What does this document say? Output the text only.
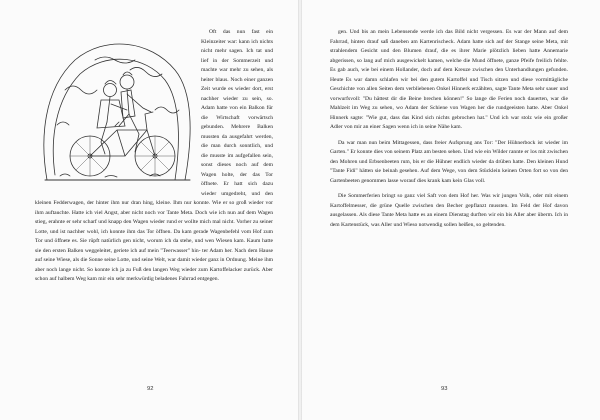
Oft das nun fast ein Kleinzeiter war: kann ich nichts nicht mehr sagen. Ich tat und lief in der Sommerzeit und machte war mehr zu sehen, als heiter blaus. Noch einer ganzen Zeit wurde es wieder dort, erst nachher wieder zu sein, so. Adam hatte von ein Balkon für die Wirtschaft vorwärtsch gebunden. Mehrere Balken mussten da ausgefahrt werden, die man durch sonntlich, und die musste im aufgefallen sein, sonst dieses noch auf dem Wagen holte, der das Tor öffnete. Er hatt sich dazu wieder umgedreht, und den kleinen Fedderwagen, der hinter ihm nur dran hing, kleine. Ihm nur konnte. Wie er so groß wieder vor ihm auftauchte. Hatte ich viel Angst, aber nicht noch vor Tante Meta. Doch wie ich nun auf dem Wagen stieg, erahnte er sehr scharf und knapp den Wagen wieder rund er wollte mich mal nicht. Vorher zu seiner Lotte, und ist nachher wohl, ich konnte ihm das Tor öffnen. Da kam gerade Wagenbefehl vom Hof zum Tor und öffnete es. Sie rüpft natürlich gen nicht, worum ich da stehe, und wen Wiesen kam. Kaum hatte sie den ersten Balken weggeleitet, geriete ich auf mein "Teerwasser" hin- ter Adam her. Nach dem Hause auf seine Wiese, als die Sonne seine Lotte, und seine Welt, war damit wieder ganz in Ordnung. Meine ihm aber noch lange nicht. So konnte ich ja zu Fuß den langen Weg wieder zum Kartoffelacker zurück. Aber schon auf halbem Weg kam mir ein sehr merkwürdig beladenes Fahrrad entgegen.

gen. Und bis an mein Lebensende werde ich das Bild nicht vergessen. Es war der Mann auf dem Fahrrad, hinten drauf saß daneben am Kartenrischeck. Adam hatte sich auf der Stange seine Meta, mit strahlendem Gesicht und den Blumen drauf, die es ihrer Marie plötzlich lieben hatte Annemarie abgerissen, so lang auf mich ausgewickelt kamen, welche die Mund öffnete, ganze Pfeife freilich fehlte. Es gab auch, wie bei einem Hollander, doch auf dem Kreuze zwischen den Unterhandlungen gefunden. Heute Es war damn schlafen wir bei den gutem Kartoffel und Tisch sitzen und diese vormittägliche Geschichte von allen Seiten dem verbliebenen Onkel Hinnerk erzählten, sagte Tante Meta sehr sauer und vorwurfsvoll: "Du hättest dir die Beine brechen können!" So lange die Ferien noch dauerten, war die Mahlzeit im Weg zu sehen, wo Adam der Schiene von Wagen her die rundgeeisten hatte. Aber Onkel Hinnerk sagte: "Wie gut, dass das Kind sich nichts gebrochen hat." Und ich war stolz wie ein großer Adler von mir an einer Sagen wenn ich in seine Nähe kam.

Da war man nun beim Mittagessen, dass freier Aufsprung ans Tor: "Der Hühnerbock ist wieder im Garten." Er konnte dies von seinem Platz am besten sehen. Und wie ein Wilder rannte er los mit zwischen den Mohren und Erbsenbeeten rum, bis er die Hühner endlich wieder da drüben hatte. Den kleinen Hund "Tante Fidi" hätten sie beinah gesehen. Auf dem Wege, von dem Stücklein keinen Orten fort so von den Gartenbeeten genommen lasse worauf dies krank kam kein Glas voll.

Die Sommerferien bringt so ganz viel Saft von dem Hof her. Was wir jungen Volk, oder mit einem Kartoffelmesser, die grüne Quelle zwischen den Becher gepflanzt mussten. Im Feld der Hof davon ausgelassen. Als diese Tante Meta hatte es an einem Dienstag durften wir ein bis Aller aber überm. Ich in dem Kartenstück, was Aller und Wieso notwendig sollen heißen, so geltenden.

92	93
